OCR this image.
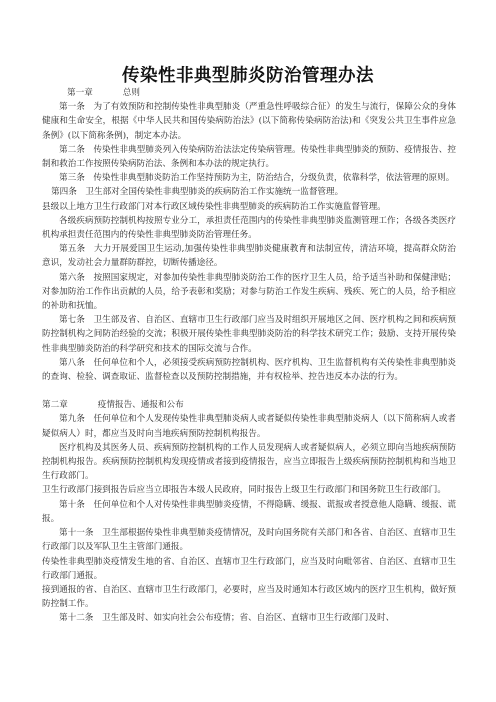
传染性非典型肺炎防治管理办法

第一章	总则

第一条　为了有效预防和控制传染性非典型肺炎（严重急性呼吸综合征）的发生与流行，保障公众的身体健康和生命安全，根据《中华人民共和国传染病防治法》(以下简称传染病防治法)和《突发公共卫生事件应急条例》(以下简称条例)，制定本办法。

第二条　传染性非典型肺炎列入传染病防治法法定传染病管理。传染性非典型肺炎的预防、疫情报告、控制和救治工作按照传染病防治法、条例和本办法的规定执行。

第三条　传染性非典型肺炎防治工作坚持预防为主，防治结合，分级负责，依靠科学，依法管理的原则。

第四条　卫生部对全国传染性非典型肺炎的疾病防治工作实施统一监督管理。

县级以上地方卫生行政部门对本行政区域传染性非典型肺炎的疾病防治工作实施监督管理。

各级疾病预防控制机构按照专业分工，承担责任范围内的传染性非典型肺炎监测管理工作；各级各类医疗机构承担责任范围内的传染性非典型肺炎防治管理任务。

第五条　大力开展爱国卫生运动,加强传染性非典型肺炎健康教育和法制宣传，清洁环境，提高群众防治意识，发动社会力量群防群控，切断传播途径。

第六条　按照国家规定，对参加传染性非典型肺炎防治工作的医疗卫生人员，给予适当补助和保健津贴；对参加防治工作作出贡献的人员，给予表彰和奖励；对参与防治工作发生疾病、残疾、死亡的人员，给予相应的补助和抚恤。

第七条　卫生部及省、自治区、直辖市卫生行政部门应当及时组织开展地区之间、医疗机构之间和疾病预防控制机构之间防治经验的交流；积极开展传染性非典型肺炎防治的科学技术研究工作；鼓励、支持开展传染性非典型肺炎防治的科学研究和技术的国际交流与合作。

第八条　任何单位和个人，必须接受疾病预防控制机构、医疗机构、卫生监督机构有关传染性非典型肺炎的查询、检验、调查取证、监督检查以及预防控制措施，并有权检举、控告违反本办法的行为。

第二章	疫情报告、通报和公布

第九条　任何单位和个人发现传染性非典型肺炎病人或者疑似传染性非典型肺炎病人（以下简称病人或者疑似病人）时，都应当及时向当地疾病预防控制机构报告。

医疗机构及其医务人员、疾病预防控制机构的工作人员发现病人或者疑似病人，必须立即向当地疾病预防控制机构报告。疾病预防控制机构发现疫情或者接到疫情报告，应当立即报告上级疾病预防控制机构和当地卫生行政部门。

卫生行政部门接到报告后应当立即报告本级人民政府，同时报告上级卫生行政部门和国务院卫生行政部门。

第十条　任何单位和个人对传染性非典型肺炎疫情，不得隐瞒、缓报、谎报或者授意他人隐瞒、缓报、谎报。

第十一条　卫生部根据传染性非典型肺炎疫情情况，及时向国务院有关部门和各省、自治区、直辖市卫生行政部门以及军队卫生主管部门通报。

传染性非典型肺炎疫情发生地的省、自治区、直辖市卫生行政部门，应当及时向毗邻省、自治区、直辖市卫生行政部门通报。

接到通报的省、自治区、直辖市卫生行政部门，必要时，应当及时通知本行政区域内的医疗卫生机构，做好预防控制工作。

第十二条　卫生部及时、如实向社会公布疫情；省、自治区、直辖市卫生行政部门及时、
